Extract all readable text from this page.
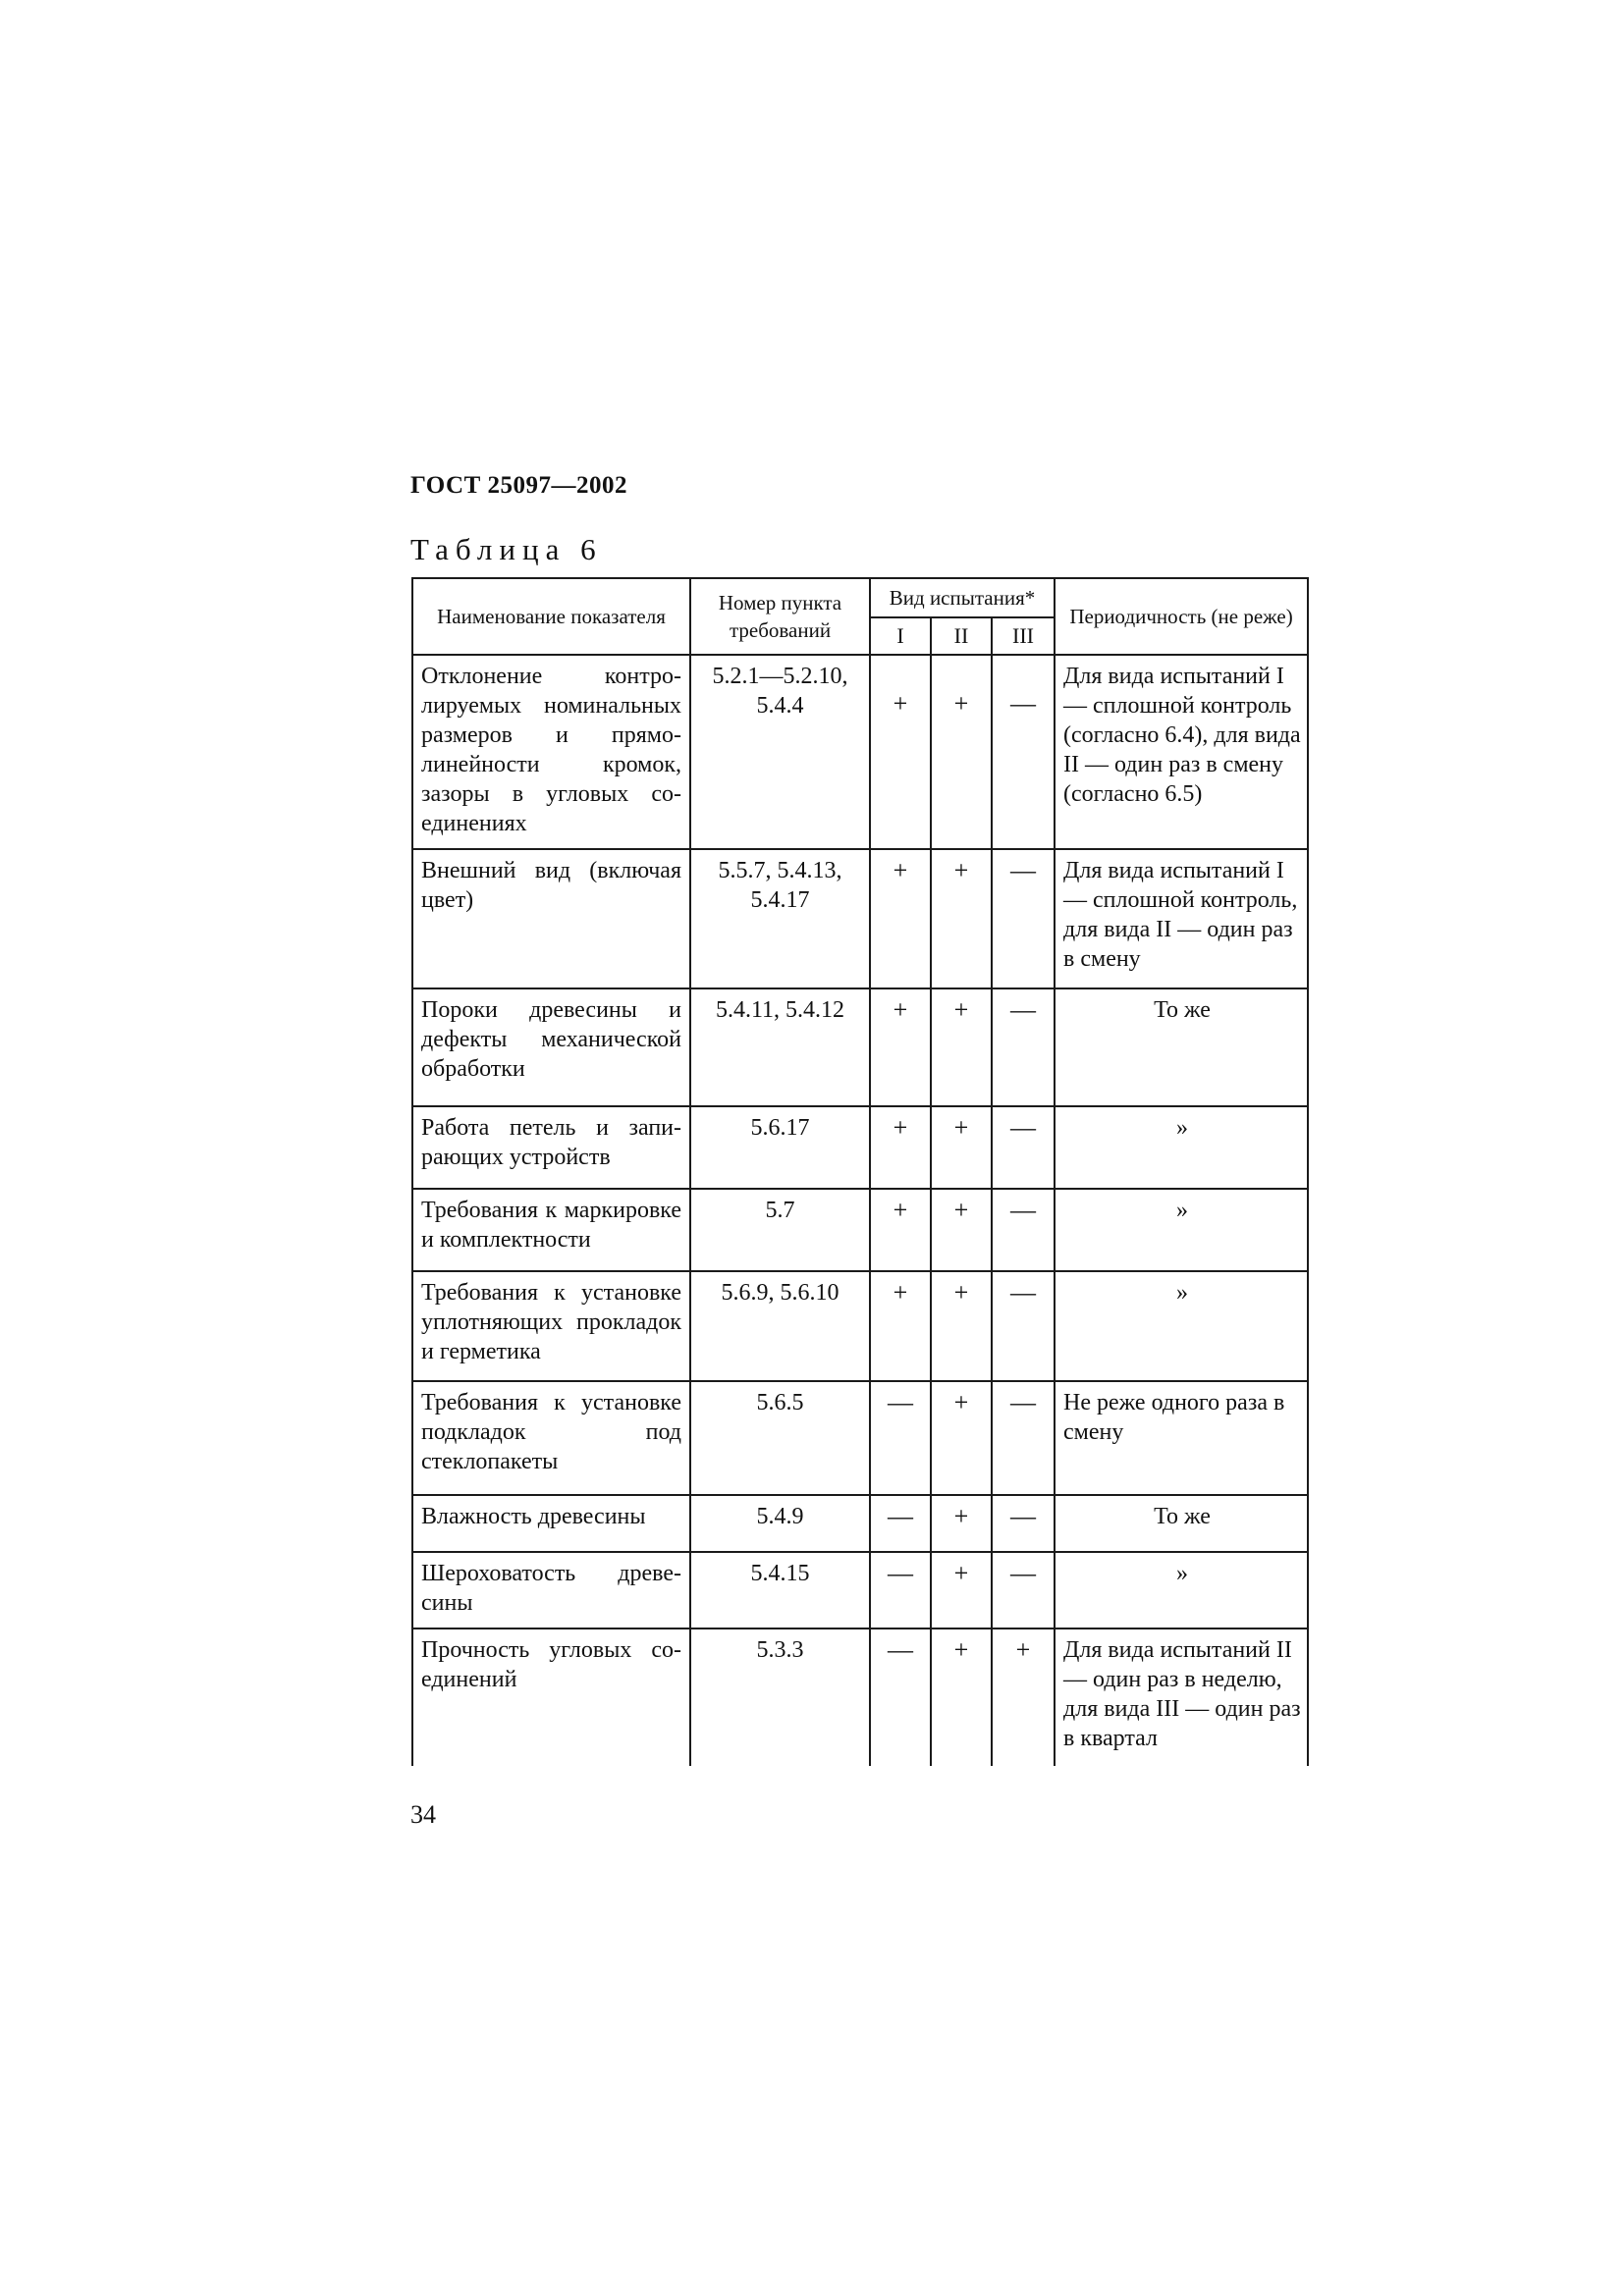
ГОСТ 25097—2002
Таблица 6
Наименование показателя	Номер пункта требований	Вид испытания*			Периодичность (не реже)
		I	II	III	
Отклонение контролируемых номинальных размеров и прямолинейности кромок, зазоры в угловых соединениях	5.2.1—5.2.10, 5.4.4	+	+	—	Для вида испытаний I — сплошной контроль (согласно 6.4), для вида II — один раз в смену (согласно 6.5)
Внешний вид (включая цвет)	5.5.7, 5.4.13, 5.4.17	+	+	—	Для вида испытаний I— сплошной контроль, для вида II — один раз в смену
Пороки древесины и дефекты механической обработки	5.4.11, 5.4.12	+	+	—	То же
Работа петель и запирающих устройств	5.6.17	+	+	—	»
Требования к маркировке и комплектности	5.7	+	+	—	»
Требования к установке уплотняющих прокладок и герметика	5.6.9, 5.6.10	+	+	—	»
Требования к установке подкладок под стеклопакеты	5.6.5	—	+	—	Не реже одного раза в смену
Влажность древесины	5.4.9	—	+	—	То же
Шероховатость древесины	5.4.15	—	+	—	»
Прочность угловых соединений	5.3.3	—	+	+	Для вида испытаний II — один раз в неделю, для вида III — один раз в квартал
34
